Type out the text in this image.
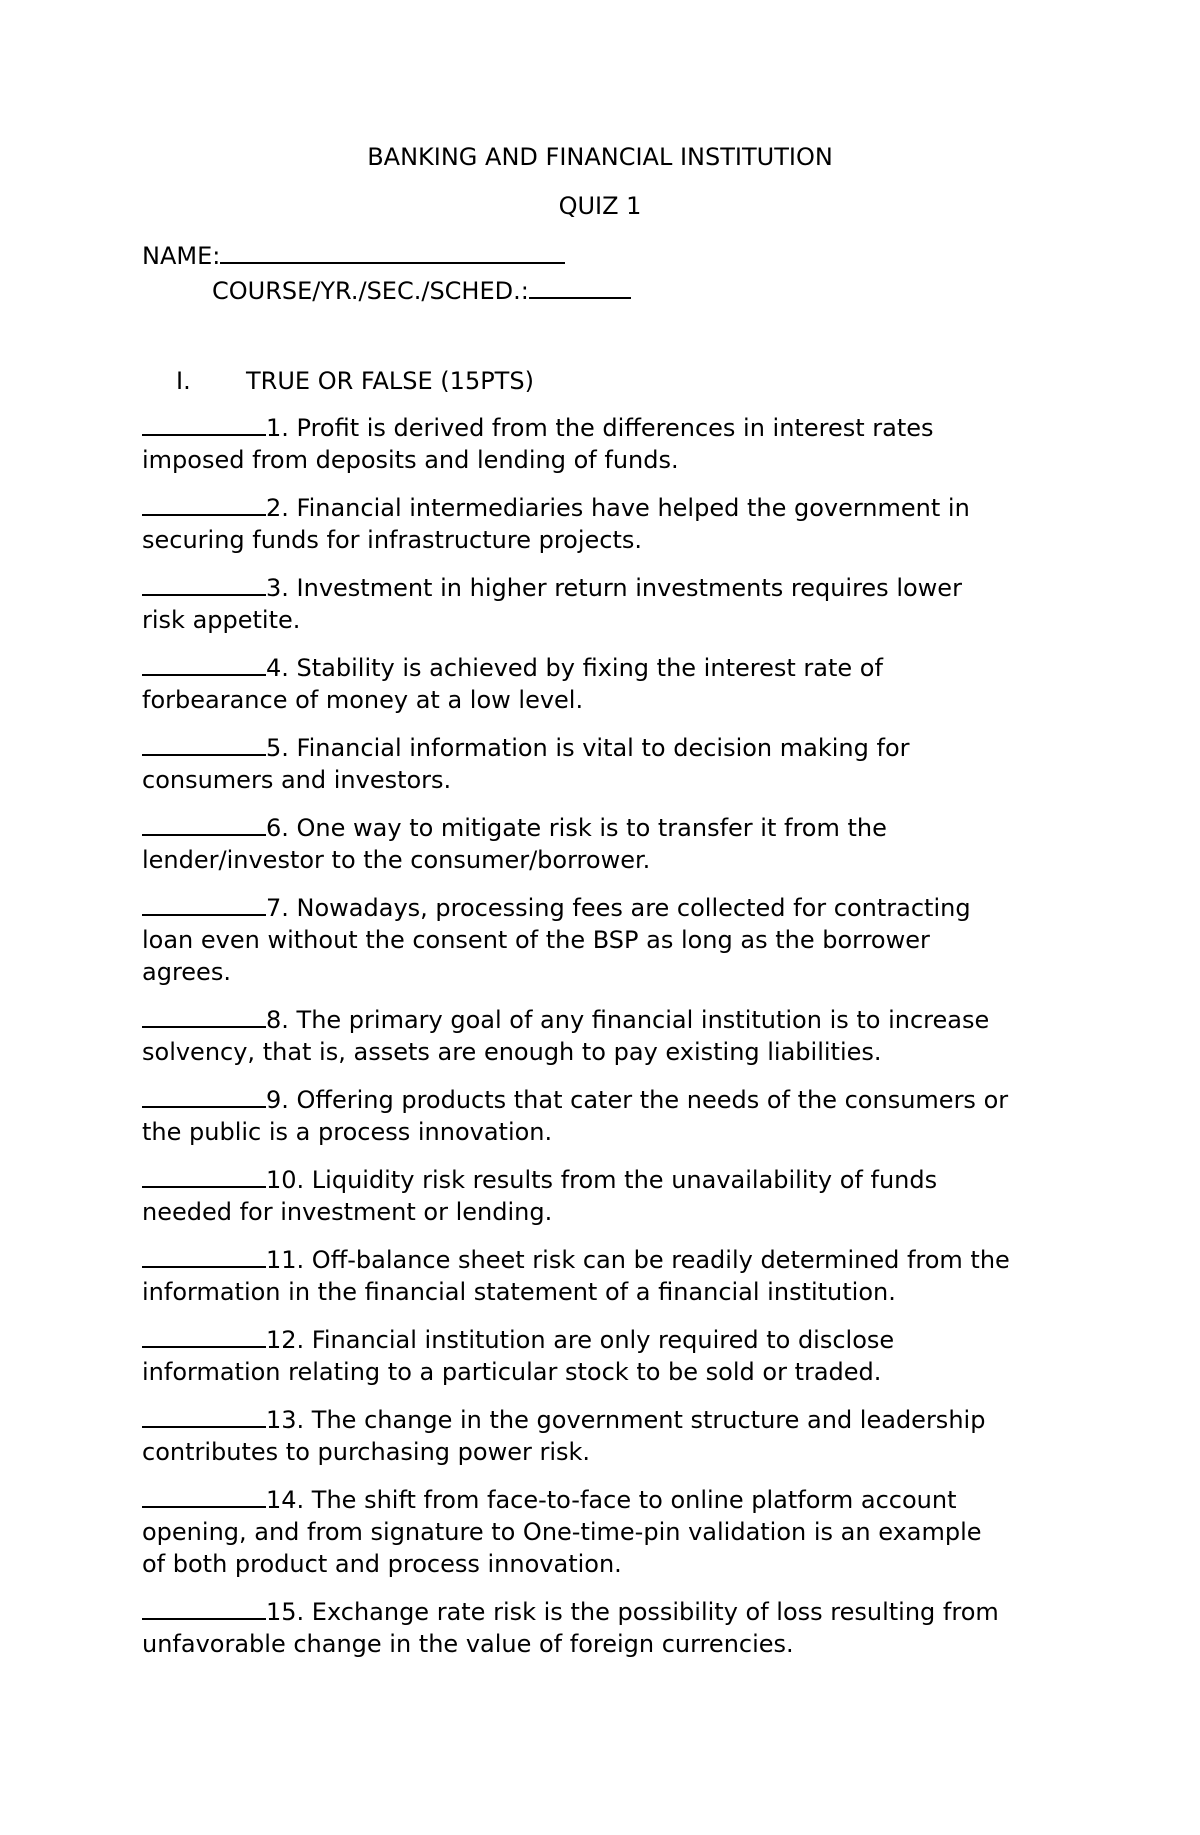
BANKING AND FINANCIAL INSTITUTION
QUIZ 1
NAME:
COURSE/YR./SEC./SCHED.:
I. TRUE OR FALSE (15PTS)
1. Profit is derived from the differences in interest rates
imposed from deposits and lending of funds.
2. Financial intermediaries have helped the government in
securing funds for infrastructure projects.
3. Investment in higher return investments requires lower
risk appetite.
4. Stability is achieved by fixing the interest rate of
forbearance of money at a low level.
5. Financial information is vital to decision making for
consumers and investors.
6. One way to mitigate risk is to transfer it from the
lender/investor to the consumer/borrower.
7. Nowadays, processing fees are collected for contracting
loan even without the consent of the BSP as long as the borrower
agrees.
8. The primary goal of any financial institution is to increase
solvency, that is, assets are enough to pay existing liabilities.
9. Offering products that cater the needs of the consumers or
the public is a process innovation.
10. Liquidity risk results from the unavailability of funds
needed for investment or lending.
11. Off-balance sheet risk can be readily determined from the
information in the financial statement of a financial institution.
12. Financial institution are only required to disclose
information relating to a particular stock to be sold or traded.
13. The change in the government structure and leadership
contributes to purchasing power risk.
14. The shift from face-to-face to online platform account
opening, and from signature to One-time-pin validation is an example
of both product and process innovation.
15. Exchange rate risk is the possibility of loss resulting from
unfavorable change in the value of foreign currencies.
